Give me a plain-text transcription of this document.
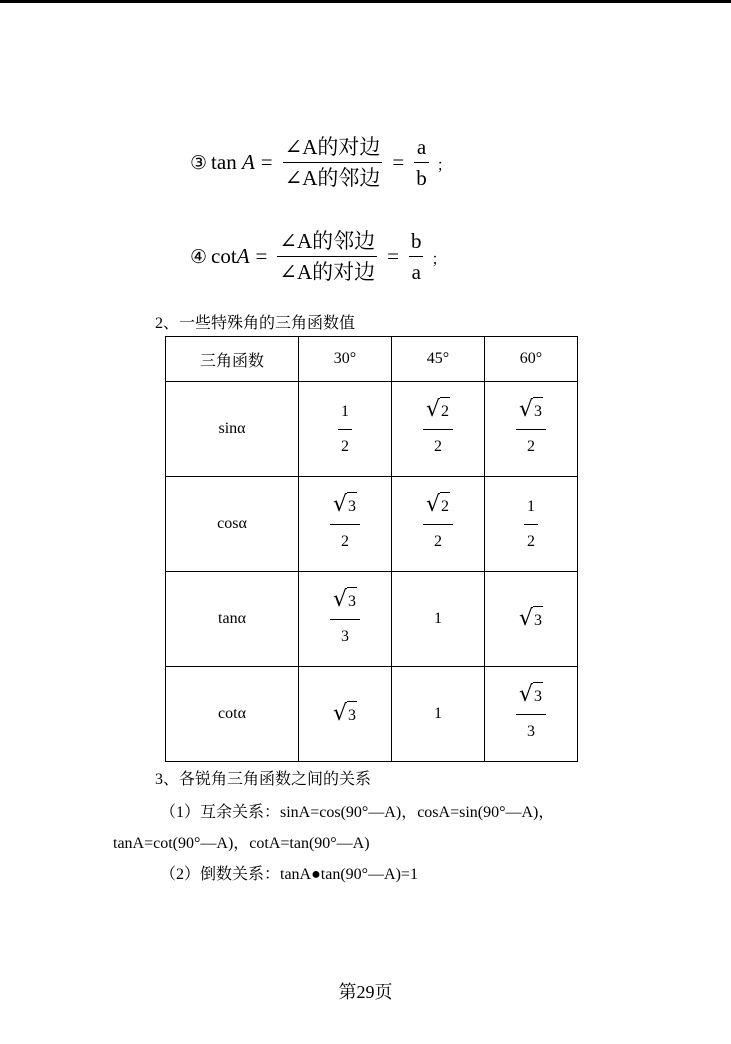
③ tan
$A = \frac{\text{∠A的对边}}{\text{∠A的邻边}} = \frac{a}{b}$ ；
④ $\cot A = \frac{\text{∠A的邻边}}{\text{∠A的对边}} = \frac{b}{a}$ ；
2、一些特殊角的三角函数值
三角函数	30°	45°	60°
sinα	$\frac{1}{2}$	$\frac{√ 2}{2}$	$\frac{√ 3}{2}$

cosα	$\frac{√ 3}{2}$	$\frac{√ 2}{2}$	$\frac{1}{2}$

tanα	$\frac{√ 3}{3}$	1	√ 3

cotα	√ 3	1	$\frac{√ 3}{3}$
3、各锐角三角函数之间的关系
（1）互余关系：sinA=cos(90°—A)，cosA=sin(90°—A)，
tanA=cot(90°—A)，cotA=tan(90°—A)
（2）倒数关系：tanA●tan(90°—A)=1
第29页
